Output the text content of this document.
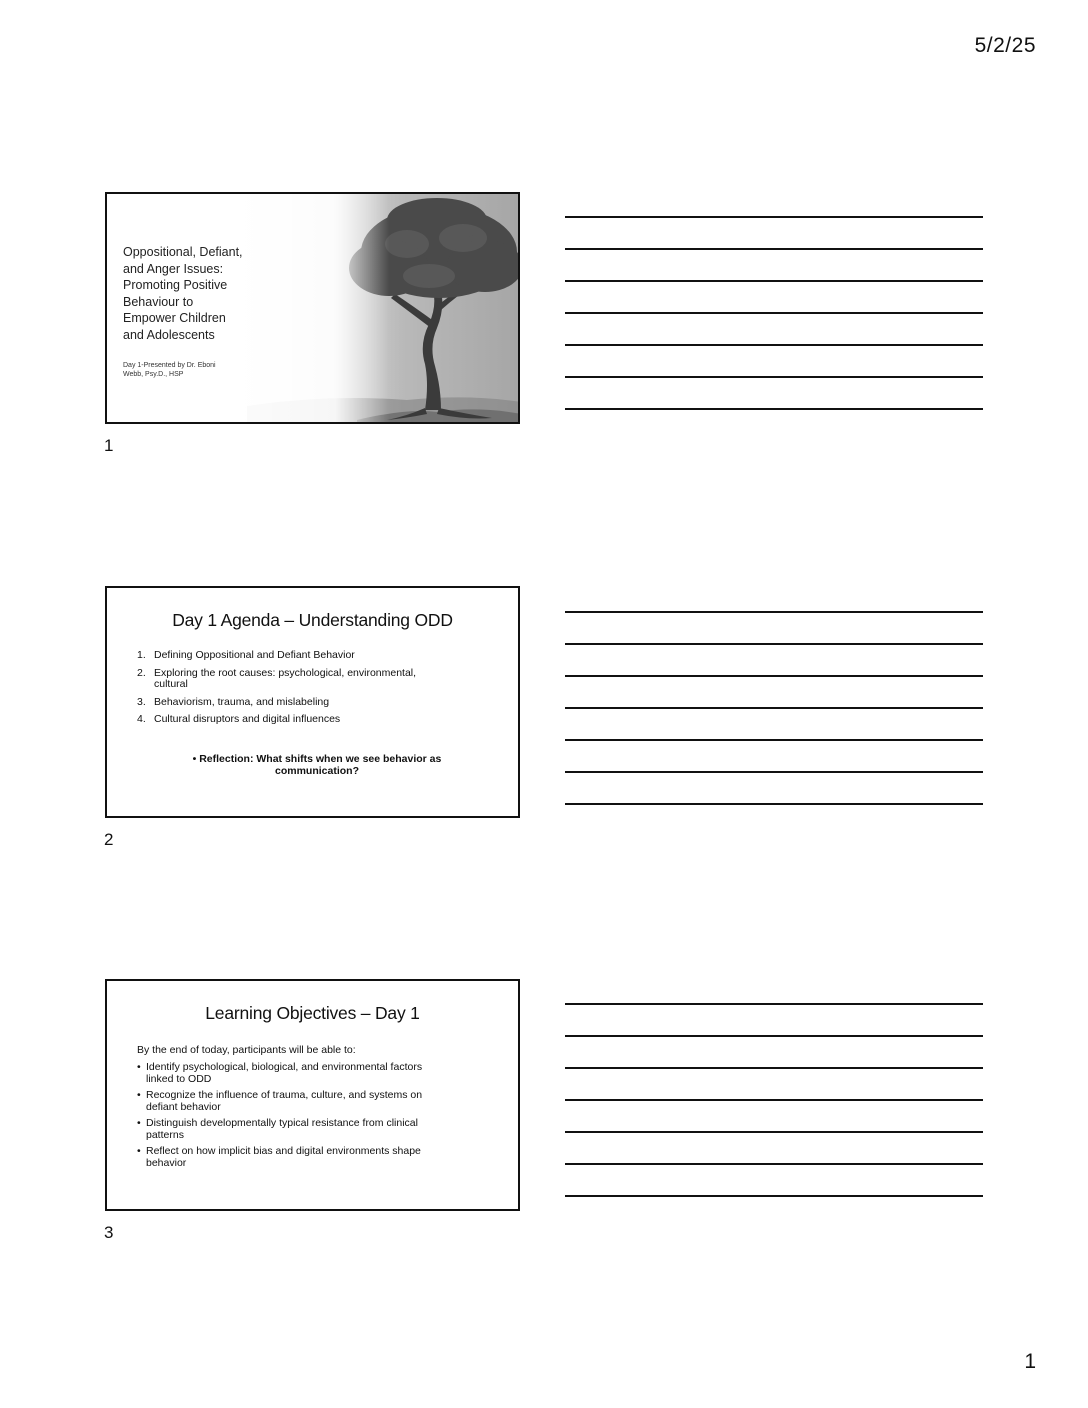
5/2/25
Oppositional, Defiant,
and Anger Issues:
Promoting Positive
Behaviour to
Empower Children
and Adolescents
Day 1-Presented by Dr. Eboni
Webb, Psy.D., HSP
1
Day 1 Agenda – Understanding ODD
1. Defining Oppositional and Defiant Behavior
2. Exploring the root causes: psychological, environmental,
cultural
3. Behaviorism, trauma, and mislabeling
4. Cultural disruptors and digital influences
• Reflection: What shifts when we see behavior as
communication?
2
Learning Objectives – Day 1
By the end of today, participants will be able to:
• Identify psychological, biological, and environmental factors
linked to ODD
• Recognize the influence of trauma, culture, and systems on
defiant behavior
• Distinguish developmentally typical resistance from clinical
patterns
• Reflect on how implicit bias and digital environments shape
behavior
3
1
